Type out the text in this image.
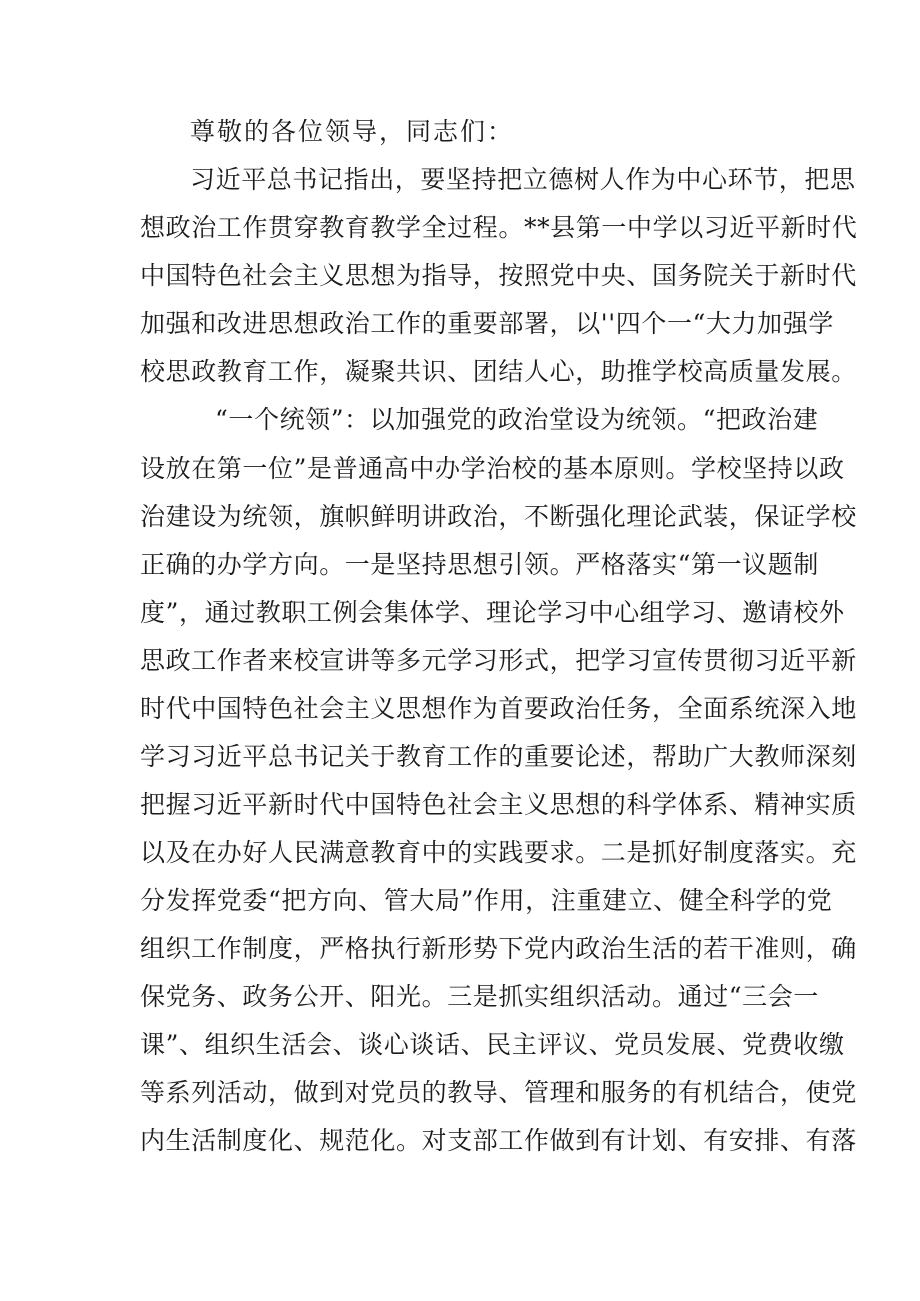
尊敬的各位领导，同志们：
习近平总书记指出，要坚持把立德树人作为中心环节，把思
想政治工作贯穿教育教学全过程。**县第一中学以习近平新时代
中国特色社会主义思想为指导，按照党中央、国务院关于新时代
加强和改进思想政治工作的重要部署，以''四个一“大力加强学
校思政教育工作，凝聚共识、团结人心，助推学校高质量发展。
“一个统领”：以加强党的政治堂设为统领。“把政治建
设放在第一位”是普通高中办学治校的基本原则。学校坚持以政
治建设为统领，旗帜鲜明讲政治，不断强化理论武装，保证学校
正确的办学方向。一是坚持思想引领。严格落实“第一议题制
度”，通过教职工例会集体学、理论学习中心组学习、邀请校外
思政工作者来校宣讲等多元学习形式，把学习宣传贯彻习近平新
时代中国特色社会主义思想作为首要政治任务，全面系统深入地
学习习近平总书记关于教育工作的重要论述，帮助广大教师深刻
把握习近平新时代中国特色社会主义思想的科学体系、精神实质
以及在办好人民满意教育中的实践要求。二是抓好制度落实。充
分发挥党委“把方向、管大局”作用，注重建立、健全科学的党
组织工作制度，严格执行新形势下党内政治生活的若干准则，确
保党务、政务公开、阳光。三是抓实组织活动。通过“三会一
课”、组织生活会、谈心谈话、民主评议、党员发展、党费收缴
等系列活动，做到对党员的教导、管理和服务的有机结合，使党
内生活制度化、规范化。对支部工作做到有计划、有安排、有落
